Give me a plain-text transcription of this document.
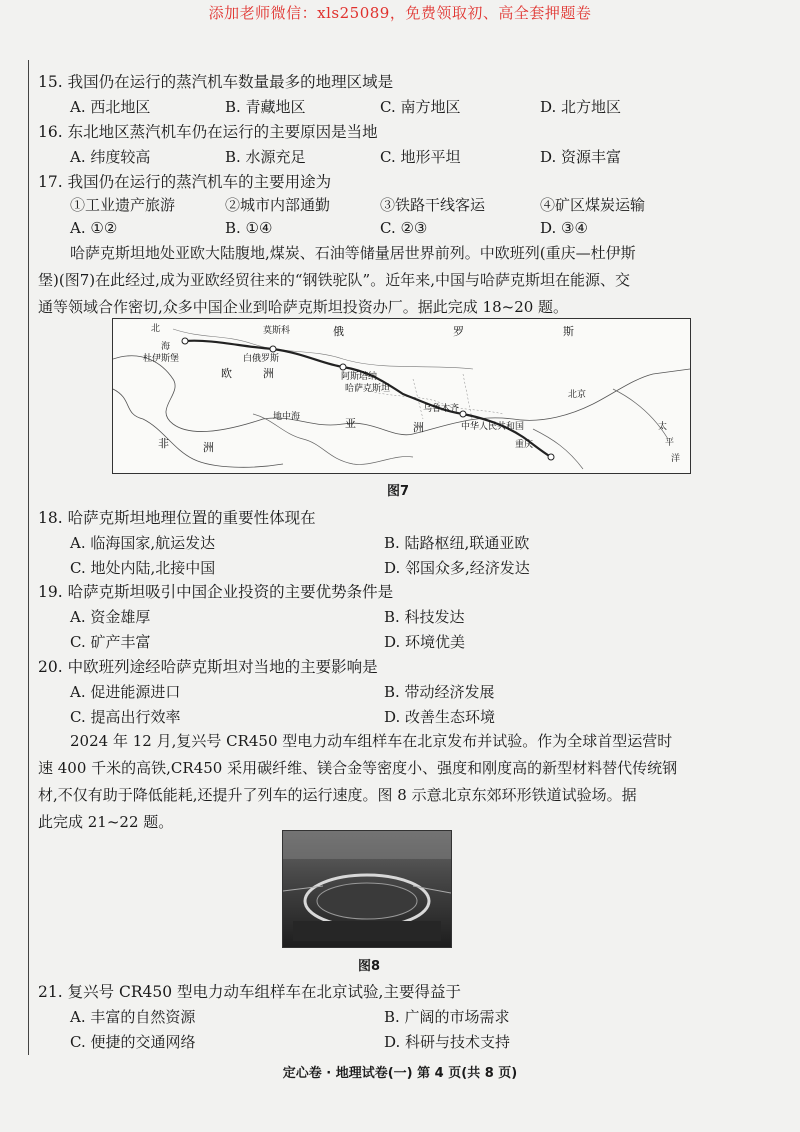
添加老师微信：xls25089，免费领取初、高全套押题卷
15. 我国仍在运行的蒸汽机车数量最多的地理区域是
A. 西北地区	B. 青藏地区	C. 南方地区	D. 北方地区
16. 东北地区蒸汽机车仍在运行的主要原因是当地
A. 纬度较高	B. 水源充足	C. 地形平坦	D. 资源丰富
17. 我国仍在运行的蒸汽机车的主要用途为
①工业遗产旅游	②城市内部通勤	③铁路干线客运	④矿区煤炭运输
A. ①②	B. ①④	C. ②③	D. ③④

哈萨克斯坦地处亚欧大陆腹地,煤炭、石油等储量居世界前列。中欧班列(重庆—杜伊斯

堡)(图7)在此经过,成为亚欧经贸往来的“钢铁驼队”。近年来,中国与哈萨克斯坦在能源、交

通等领域合作密切,众多中国企业到哈萨克斯坦投资办厂。据此完成 18~20 题。

北	莫斯科	俄	罗	斯
杜伊斯堡
海
白俄罗斯
欧	洲	阿斯塔纳
哈萨克斯坦
乌鲁木齐
中华人民共和国
北京
重庆
亚	洲
非	洲
太
平
洋
地中海
图7
18. 哈萨克斯坦地理位置的重要性体现在
A. 临海国家,航运发达	B. 陆路枢纽,联通亚欧
C. 地处内陆,北接中国	D. 邻国众多,经济发达
19. 哈萨克斯坦吸引中国企业投资的主要优势条件是
A. 资金雄厚	B. 科技发达
C. 矿产丰富	D. 环境优美
20. 中欧班列途经哈萨克斯坦对当地的主要影响是
A. 促进能源进口	B. 带动经济发展
C. 提高出行效率	D. 改善生态环境

2024 年 12 月,复兴号 CR450 型电力动车组样车在北京发布并试验。作为全球首型运营时

速 400 千米的高铁,CR450 采用碳纤维、镁合金等密度小、强度和刚度高的新型材料替代传统钢

材,不仅有助于降低能耗,还提升了列车的运行速度。图 8 示意北京东郊环形铁道试验场。据

此完成 21~22 题。

图8
21. 复兴号 CR450 型电力动车组样车在北京试验,主要得益于
A. 丰富的自然资源	B. 广阔的市场需求
C. 便捷的交通网络	D. 科研与技术支持
定心卷 · 地理试卷(一) 第 4 页(共 8 页)
